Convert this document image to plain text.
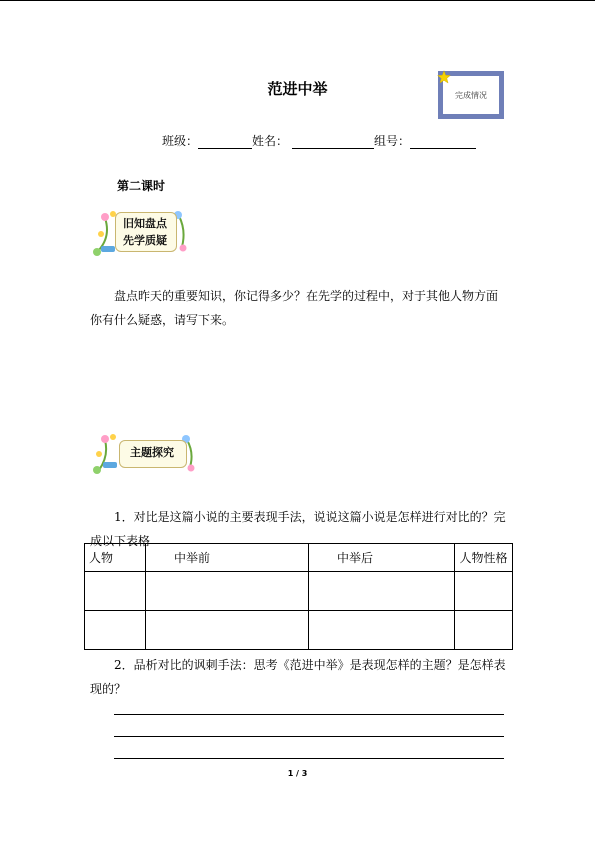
范进中举	完成情况
班级：	姓名：	组号：
第二课时
旧知盘点
先学质疑
盘点昨天的重要知识，你记得多少？在先学的过程中，对于其他人物方面你有什么疑惑，请写下来。
主题探究
1．对比是这篇小说的主要表现手法，说说这篇小说是怎样进行对比的？完成以下表格
人物	中举前	中举后	人物性格

2．品析对比的讽刺手法：思考《范进中举》是表现怎样的主题？是怎样表现的？
1 / 3
